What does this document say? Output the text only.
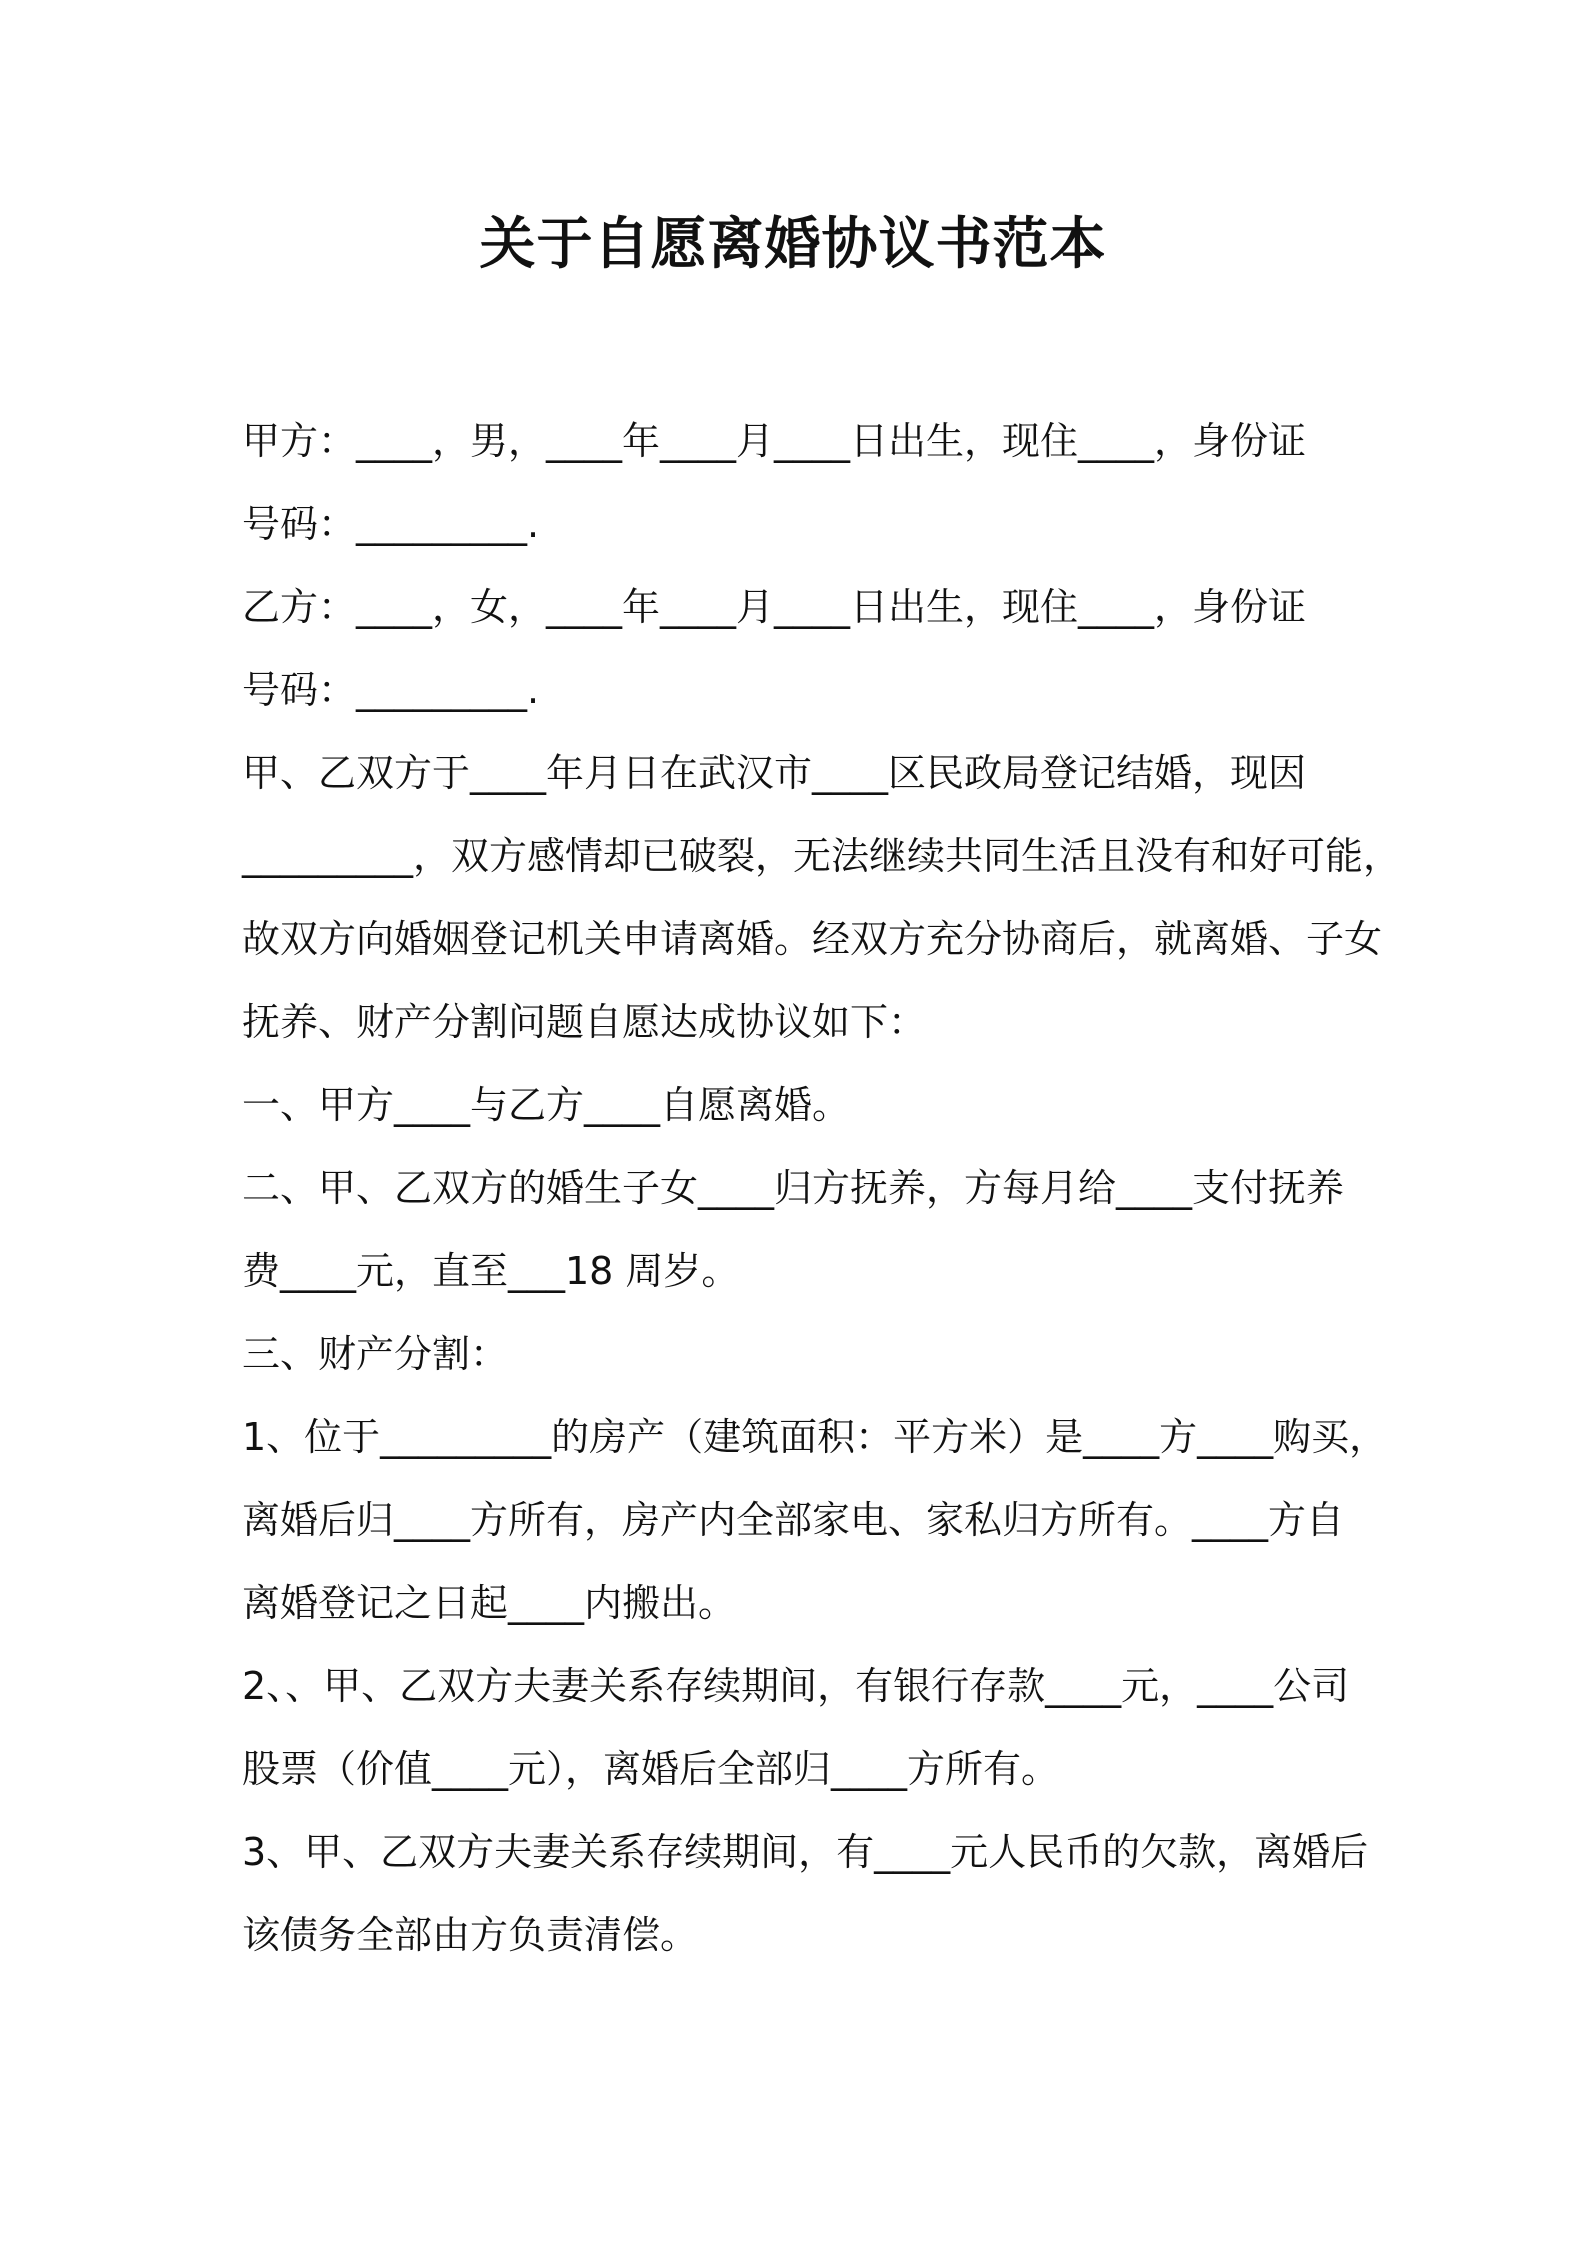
关于自愿离婚协议书范本
甲方：____，男，____年____月____日出生，现住____，身份证
号码：_________.
乙方：____，女，____年____月____日出生，现住____，身份证
号码：_________.
甲、乙双方于____年月日在武汉市____区民政局登记结婚，现因
_________，双方感情却已破裂，无法继续共同生活且没有和好可能，
故双方向婚姻登记机关申请离婚。经双方充分协商后，就离婚、子女
抚养、财产分割问题自愿达成协议如下：
一、甲方____与乙方____自愿离婚。
二、甲、乙双方的婚生子女____归方抚养，方每月给____支付抚养
费____元，直至___18 周岁。
三、财产分割：
1、位于_________的房产（建筑面积：平方米）是____方____购买，
离婚后归____方所有，房产内全部家电、家私归方所有。____方自
离婚登记之日起____内搬出。
2、、甲、乙双方夫妻关系存续期间，有银行存款____元，____公司
股票（价值____元），离婚后全部归____方所有。
3、甲、乙双方夫妻关系存续期间，有____元人民币的欠款，离婚后
该债务全部由方负责清偿。
